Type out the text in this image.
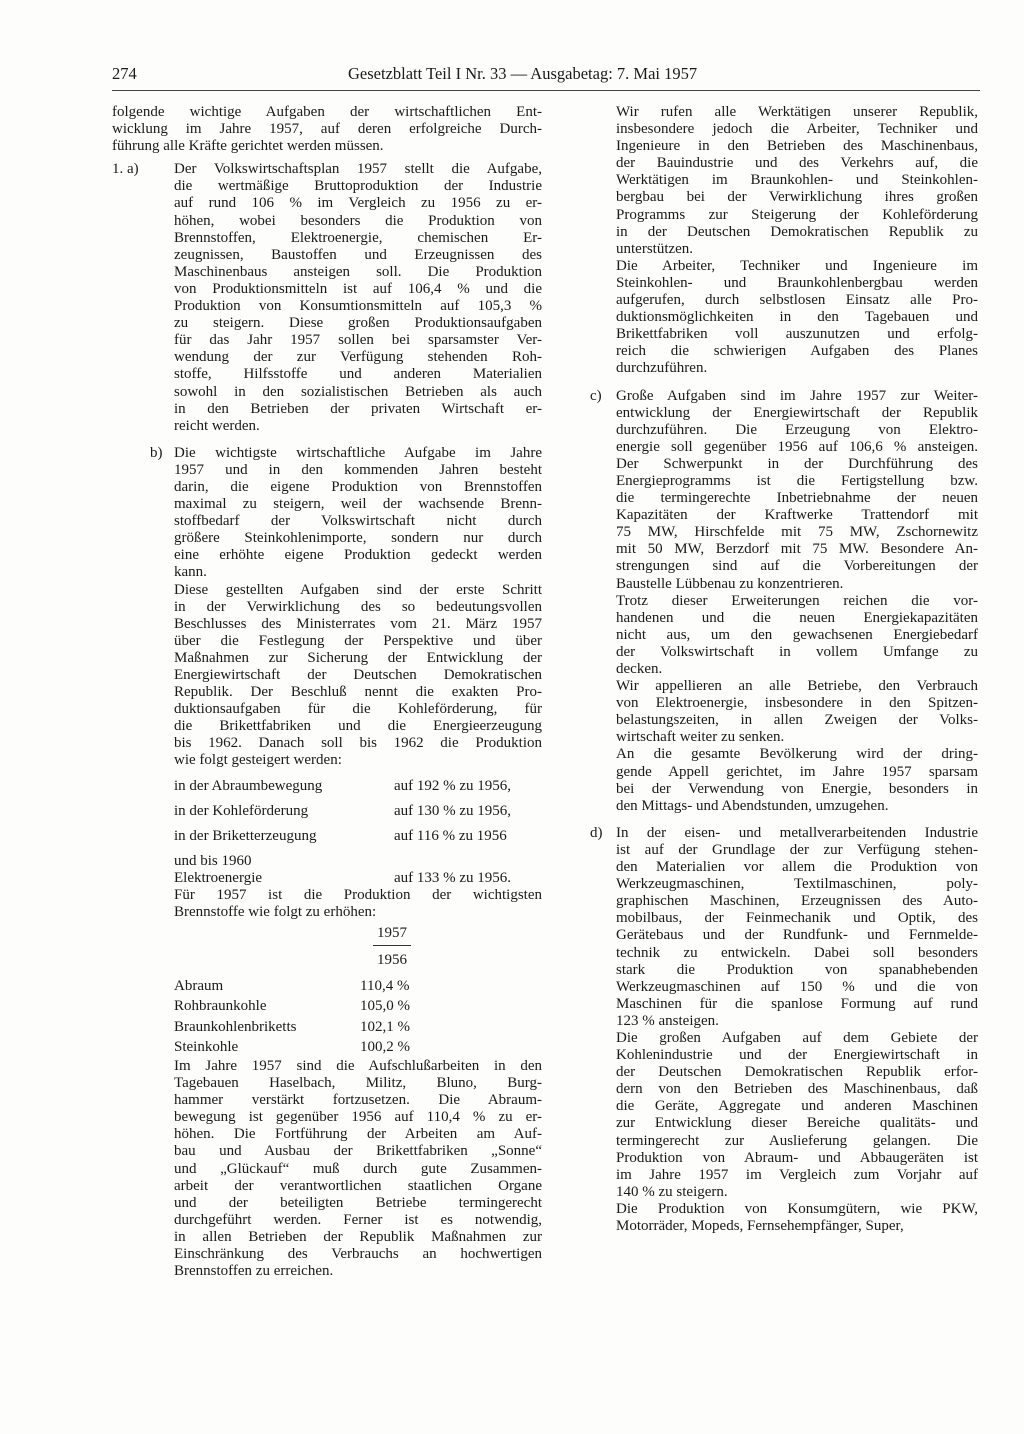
274	Gesetzblatt Teil I Nr. 33 — Ausgabetag: 7. Mai 1957

folgende wichtige Aufgaben der wirtschaftlichen Ent-
wicklung im Jahre 1957, auf deren erfolgreiche Durch-
führung alle Kräfte gerichtet werden müssen.

1. a)	Der Volkswirtschaftsplan 1957 stellt die Aufgabe,
die wertmäßige Bruttoproduktion der Industrie
auf rund 106 % im Vergleich zu 1956 zu er-
höhen, wobei besonders die Produktion von
Brennstoffen, Elektroenergie, chemischen Er-
zeugnissen, Baustoffen und Erzeugnissen des
Maschinenbaus ansteigen soll. Die Produktion
von Produktionsmitteln ist auf 106,4 % und die
Produktion von Konsumtionsmitteln auf 105,3 %
zu steigern. Diese großen Produktionsaufgaben
für das Jahr 1957 sollen bei sparsamster Ver-
wendung der zur Verfügung stehenden Roh-
stoffe, Hilfsstoffe und anderen Materialien
sowohl in den sozialistischen Betrieben als auch
in den Betrieben der privaten Wirtschaft er-
reicht werden.

b) Die wichtigste wirtschaftliche Aufgabe im Jahre
1957 und in den kommenden Jahren besteht
darin, die eigene Produktion von Brennstoffen
maximal zu steigern, weil der wachsende Brenn-
stoffbedarf der Volkswirtschaft nicht durch
größere Steinkohlenimporte, sondern nur durch
eine erhöhte eigene Produktion gedeckt werden
kann.

Diese gestellten Aufgaben sind der erste Schritt
in der Verwirklichung des so bedeutungsvollen
Beschlusses des Ministerrates vom 21. März 1957
über die Festlegung der Perspektive und über
Maßnahmen zur Sicherung der Entwicklung der
Energiewirtschaft der Deutschen Demokratischen
Republik. Der Beschluß nennt die exakten Pro-
duktionsaufgaben für die Kohleförderung, für
die Brikettfabriken und die Energieerzeugung
bis 1962. Danach soll bis 1962 die Produktion
wie folgt gesteigert werden:

in der Abraumbewegung	auf 192 % zu 1956,
in der Kohleförderung	auf 130 % zu 1956,
in der Briketterzeugung	auf 116 % zu 1956
und bis 1960
Elektroenergie	auf 133 % zu 1956.

Für 1957 ist die Produktion der wichtigsten
Brennstoffe wie folgt zu erhöhen:

1957
1956
Abraum	110,4 %
Rohbraunkohle	105,0 %
Braunkohlenbriketts	102,1 %
Steinkohle	100,2 %

Im Jahre 1957 sind die Aufschlußarbeiten in den
Tagebauen Haselbach, Militz, Bluno, Burg-
hammer verstärkt fortzusetzen. Die Abraum-
bewegung ist gegenüber 1956 auf 110,4 % zu er-
höhen. Die Fortführung der Arbeiten am Auf-
bau und Ausbau der Brikettfabriken „Sonne“
und „Glückauf“ muß durch gute Zusammen-
arbeit der verantwortlichen staatlichen Organe
und der beteiligten Betriebe termingerecht
durchgeführt werden. Ferner ist es notwendig,
in allen Betrieben der Republik Maßnahmen zur
Einschränkung des Verbrauchs an hochwertigen
Brennstoffen zu erreichen.

Wir rufen alle Werktätigen unserer Republik,
insbesondere jedoch die Arbeiter, Techniker und
Ingenieure in den Betrieben des Maschinenbaus,
der Bauindustrie und des Verkehrs auf, die
Werktätigen im Braunkohlen- und Steinkohlen-
bergbau bei der Verwirklichung ihres großen
Programms zur Steigerung der Kohleförderung
in der Deutschen Demokratischen Republik zu
unterstützen.

Die Arbeiter, Techniker und Ingenieure im
Steinkohlen- und Braunkohlenbergbau werden
aufgerufen, durch selbstlosen Einsatz alle Pro-
duktionsmöglichkeiten in den Tagebauen und
Brikettfabriken voll auszunutzen und erfolg-
reich die schwierigen Aufgaben des Planes
durchzuführen.

c) Große Aufgaben sind im Jahre 1957 zur Weiter-
entwicklung der Energiewirtschaft der Republik
durchzuführen. Die Erzeugung von Elektro-
energie soll gegenüber 1956 auf 106,6 % ansteigen.
Der Schwerpunkt in der Durchführung des
Energieprogramms ist die Fertigstellung bzw.
die termingerechte Inbetriebnahme der neuen
Kapazitäten der Kraftwerke Trattendorf mit
75 MW, Hirschfelde mit 75 MW, Zschornewitz
mit 50 MW, Berzdorf mit 75 MW. Besondere An-
strengungen sind auf die Vorbereitungen der
Baustelle Lübbenau zu konzentrieren.

Trotz dieser Erweiterungen reichen die vor-
handenen und die neuen Energiekapazitäten
nicht aus, um den gewachsenen Energiebedarf
der Volkswirtschaft in vollem Umfange zu
decken.

Wir appellieren an alle Betriebe, den Verbrauch
von Elektroenergie, insbesondere in den Spitzen-
belastungszeiten, in allen Zweigen der Volks-
wirtschaft weiter zu senken.

An die gesamte Bevölkerung wird der dring-
gende Appell gerichtet, im Jahre 1957 sparsam
bei der Verwendung von Energie, besonders in
den Mittags- und Abendstunden, umzugehen.

d) In der eisen- und metallverarbeitenden Industrie
ist auf der Grundlage der zur Verfügung stehen-
den Materialien vor allem die Produktion von
Werkzeugmaschinen, Textilmaschinen, poly-
graphischen Maschinen, Erzeugnissen des Auto-
mobilbaus, der Feinmechanik und Optik, des
Gerätebaus und der Rundfunk- und Fernmelde-
technik zu entwickeln. Dabei soll besonders
stark die Produktion von spanabhebenden
Werkzeugmaschinen auf 150 % und die von
Maschinen für die spanlose Formung auf rund
123 % ansteigen.

Die großen Aufgaben auf dem Gebiete der
Kohlenindustrie und der Energiewirtschaft in
der Deutschen Demokratischen Republik erfor-
dern von den Betrieben des Maschinenbaus, daß
die Geräte, Aggregate und anderen Maschinen
zur Entwicklung dieser Bereiche qualitäts- und
termingerecht zur Auslieferung gelangen. Die
Produktion von Abraum- und Abbaugeräten ist
im Jahre 1957 im Vergleich zum Vorjahr auf
140 % zu steigern.

Die Produktion von Konsumgütern, wie PKW,
Motorräder, Mopeds, Fernsehempfänger, Super,
